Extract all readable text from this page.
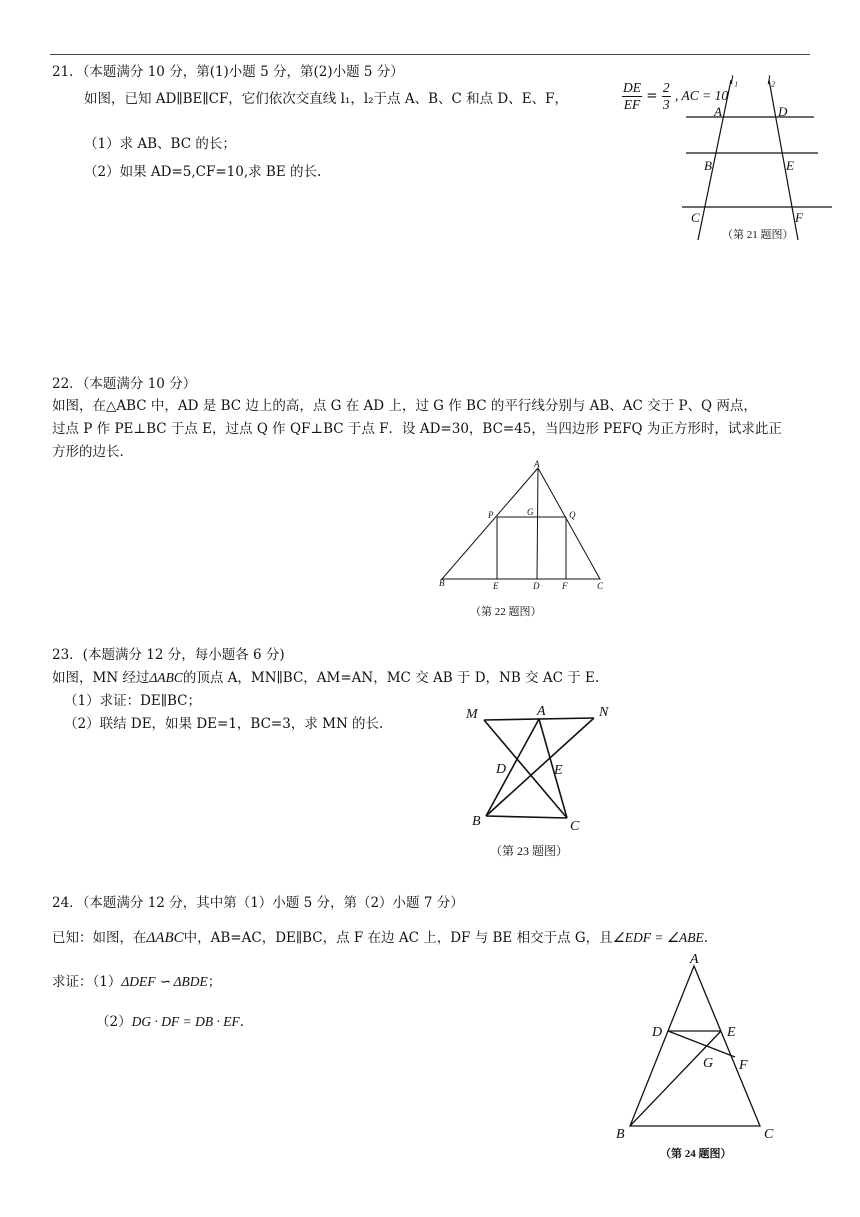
21．（本题满分 10 分，第(1)小题 5 分，第(2)小题 5 分）
如图，已知 AD∥BE∥CF，它们依次交直线 l₁，l₂于点 A、B、C 和点 D、E、F，	$\frac{DE}{EF} = \frac{2}{3}$ , AC = 10
（1）求 AB、BC 的长；
（2）如果 AD=5,CF=10,求 BE 的长.
l₁ l₂
A	D
B	E
C	F
（第 21 题图）
22．（本题满分 10 分）
如图，在△ABC 中，AD 是 BC 边上的高，点 G 在 AD 上，过 G 作 BC 的平行线分别与 AB、AC 交于 P、Q 两点，
过点 P 作 PE⊥BC 于点 E，过点 Q 作 QF⊥BC 于点 F．设 AD=30，BC=45，当四边形 PEFQ 为正方形时，试求此正
方形的边长.
A
P	G	Q
B	E	D	F	C
（第 22 题图）
23．(本题满分 12 分，每小题各 6 分)
如图，MN 经过ΔABC的顶点 A，MN∥BC，AM=AN，MC 交 AB 于 D，NB 交 AC 于 E.
（1）求证：DE∥BC；
（2）联结 DE，如果 DE=1，BC=3，求 MN 的长.
M	A	N
D	E
B	C
（第 23 题图）
24．（本题满分 12 分，其中第（1）小题 5 分，第（2）小题 7 分）
已知：如图，在ΔABC中，AB=AC，DE∥BC，点 F 在边 AC 上，DF 与 BE 相交于点 G，且∠EDF = ∠ABE.
求证：（1）ΔDEF ∽ ΔBDE；
（2）DG · DF = DB · EF.
A
D	E
G F
B	C
（第 24 题图）
